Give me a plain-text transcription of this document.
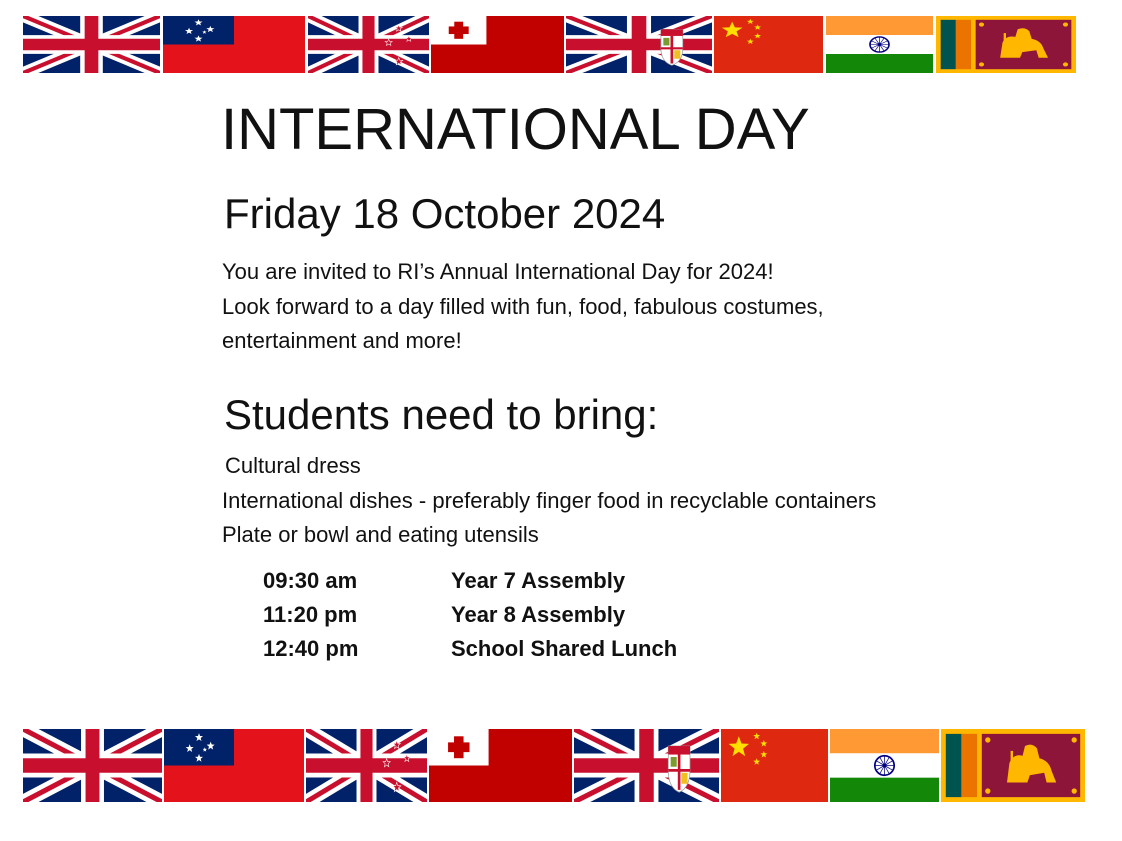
INTERNATIONAL DAY
Friday 18 October 2024
You are invited to RI’s Annual International Day for 2024!
Look forward to a day filled with fun, food, fabulous costumes,
entertainment and more!
Students need to bring:
Cultural dress
International dishes - preferably finger food in recyclable containers
Plate or bowl and eating utensils
09:30 am	Year 7 Assembly
11:20 pm	Year 8 Assembly
12:40 pm	School Shared Lunch
